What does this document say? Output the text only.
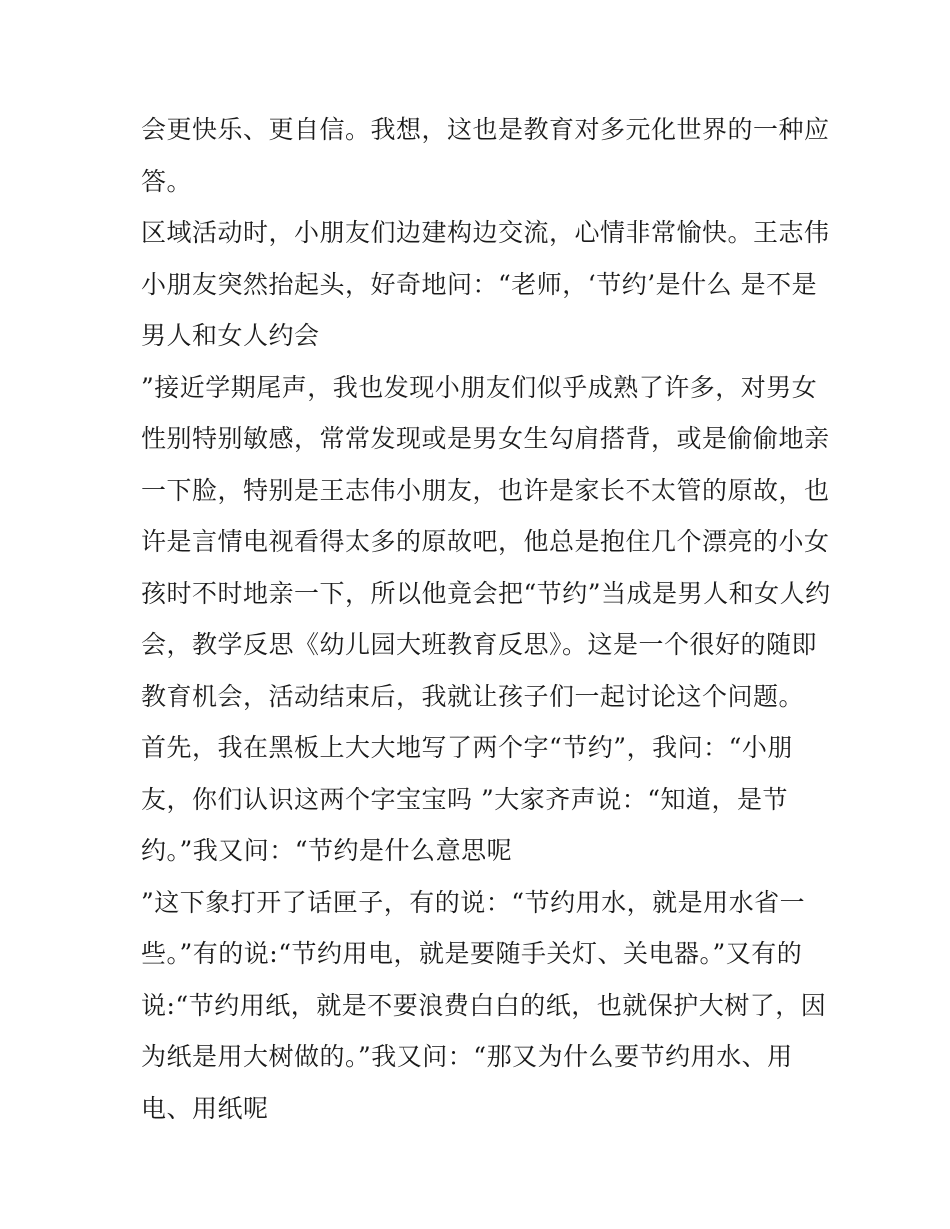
会更快乐、更自信。我想，这也是教育对多元化世界的一种应
答。
区域活动时，小朋友们边建构边交流，心情非常愉快。王志伟
小朋友突然抬起头，好奇地问：“老师，‘节约’是什么 是不是
男人和女人约会
”接近学期尾声，我也发现小朋友们似乎成熟了许多，对男女
性别特别敏感，常常发现或是男女生勾肩搭背，或是偷偷地亲
一下脸，特别是王志伟小朋友，也许是家长不太管的原故，也
许是言情电视看得太多的原故吧，他总是抱住几个漂亮的小女
孩时不时地亲一下，所以他竟会把“节约”当成是男人和女人约
会，教学反思《幼儿园大班教育反思》。这是一个很好的随即
教育机会，活动结束后，我就让孩子们一起讨论这个问题。
首先，我在黑板上大大地写了两个字“节约”，我问：“小朋
友，你们认识这两个字宝宝吗 ”大家齐声说：“知道，是节
约。”我又问：“节约是什么意思呢
”这下象打开了话匣子，有的说：“节约用水，就是用水省一
些。”有的说:“节约用电，就是要随手关灯、关电器。”又有的
说:“节约用纸，就是不要浪费白白的纸，也就保护大树了，因
为纸是用大树做的。”我又问：“那又为什么要节约用水、用
电、用纸呢
